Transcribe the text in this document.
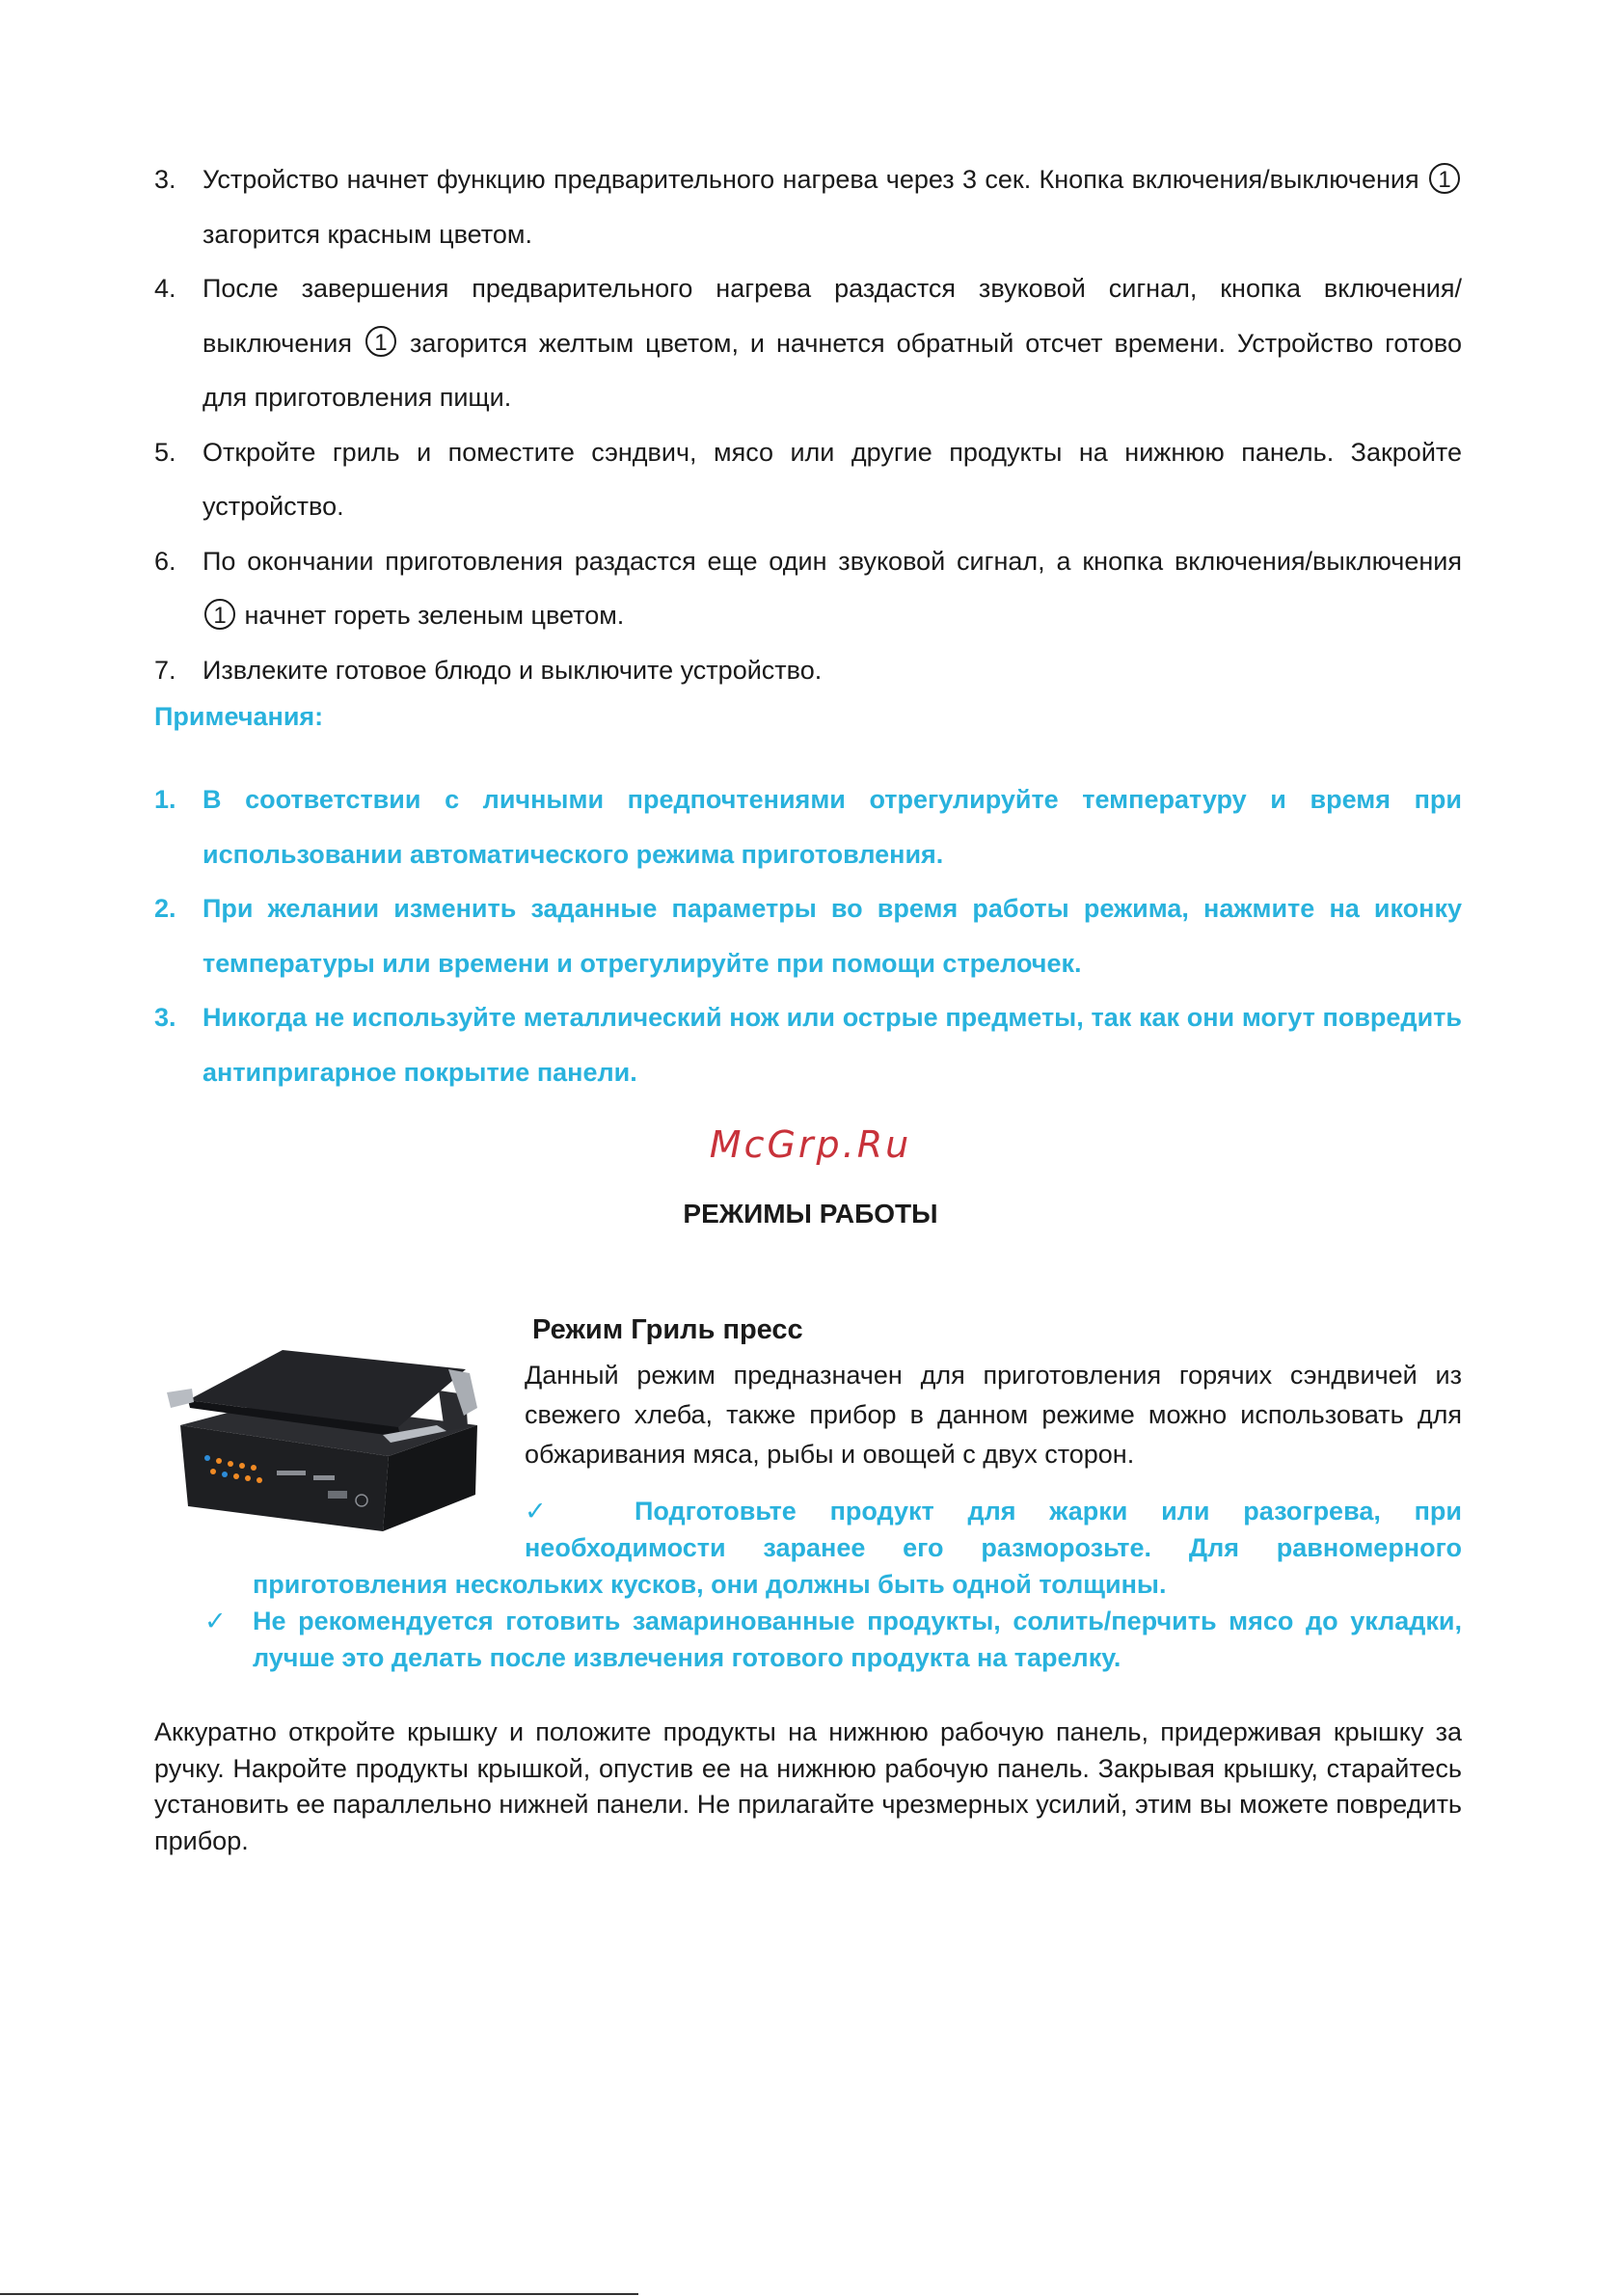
3. Устройство начнет функцию предварительного нагрева через 3 сек. Кнопка включения/выключения 1 загорится красным цветом.
4. После завершения предварительного нагрева раздастся звуковой сигнал, кнопка включения/выключения 1 загорится желтым цветом, и начнется обратный отсчет времени. Устройство готово для приготовления пищи.
5. Откройте гриль и поместите сэндвич, мясо или другие продукты на нижнюю панель. Закройте устройство.
6. По окончании приготовления раздастся еще один звуковой сигнал, а кнопка включения/выключения 1 начнет гореть зеленым цветом.
7. Извлеките готовое блюдо и выключите устройство.
Примечания:
1. В соответствии с личными предпочтениями отрегулируйте температуру и время при использовании автоматического режима приготовления.
2. При желании изменить заданные параметры во время работы режима, нажмите на иконку температуры или времени и отрегулируйте при помощи стрелочек.
3. Никогда не используйте металлический нож или острые предметы, так как они могут повредить антипригарное покрытие панели.
McGrp.Ru
РЕЖИМЫ РАБОТЫ
Режим Гриль пресс
Данный режим предназначен для приготовления горячих сэндвичей из свежего хлеба, также прибор в данном режиме можно использовать для обжаривания мяса, рыбы и овощей с двух сторон.
✓	Подготовьте продукт для жарки или разогрева, при необходимости заранее его разморозьте. Для равномерного
приготовления нескольких кусков, они должны быть одной толщины.
✓ Не рекомендуется готовить замаринованные продукты, солить/перчить мясо до укладки, лучше это делать после извлечения готового продукта на тарелку.
Аккуратно откройте крышку и положите продукты на нижнюю рабочую панель, придерживая крышку за ручку. Накройте продукты крышкой, опустив ее на нижнюю рабочую панель. Закрывая крышку, старайтесь установить ее параллельно нижней панели. Не прилагайте чрезмерных усилий, этим вы можете повредить прибор.
